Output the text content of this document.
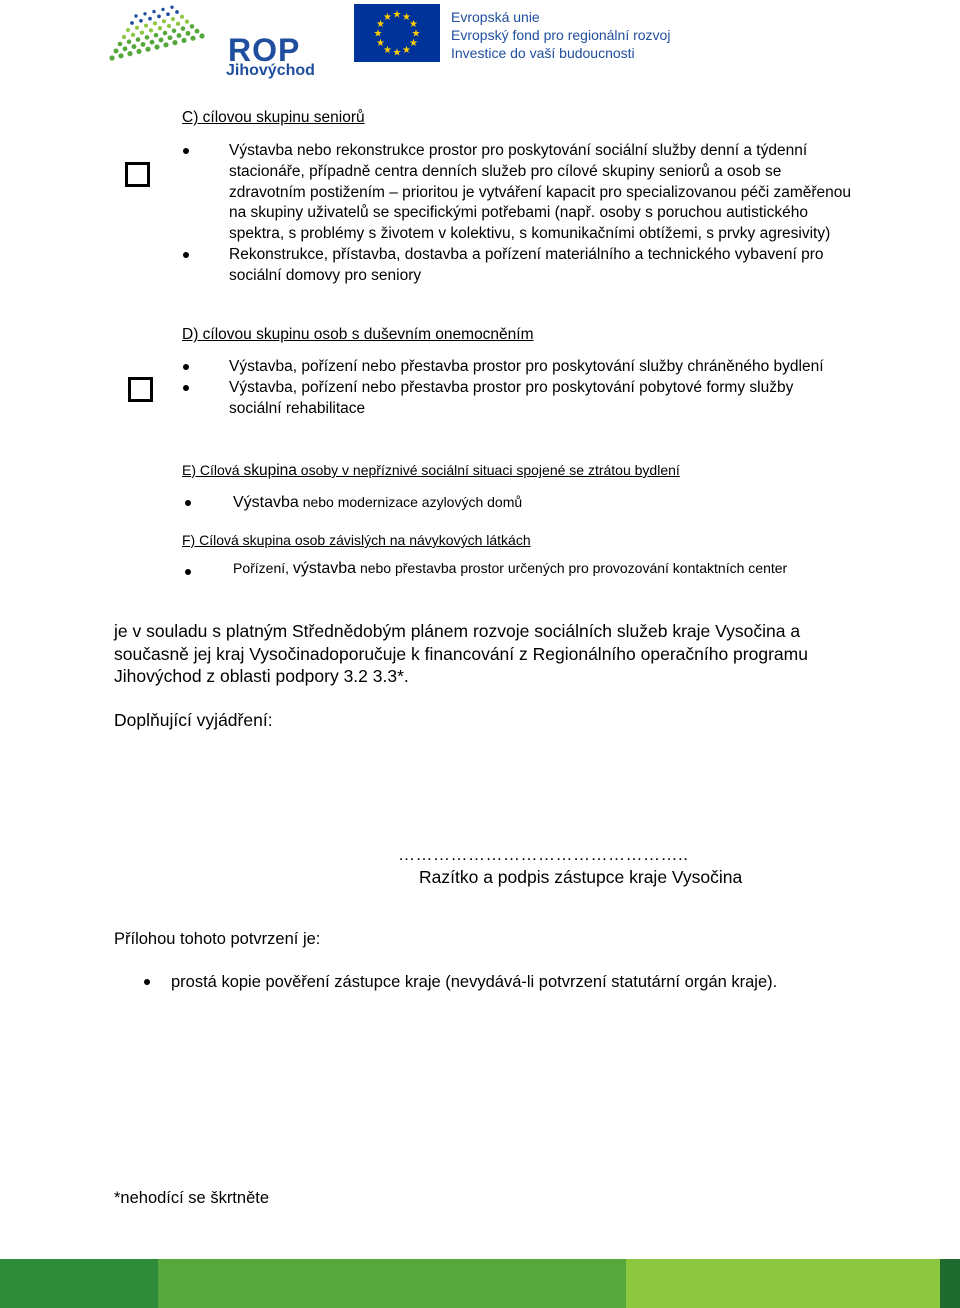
ROP
Jihovýchod
★
★
★
★
★
★
★
★
★ ★ ★
★ Evropská unie
Evropský fond pro regionální rozvoj
Investice do vaší budoucnosti
C) cílovou skupinu seniorů
Výstavba nebo rekonstrukce prostor pro poskytování sociální služby denní a týdenní stacionáře, případně centra denních služeb pro cílové skupiny seniorů a osob se zdravotním postižením – prioritou je vytváření kapacit pro specializovanou péči zaměřenou na skupiny uživatelů se specifickými potřebami (např. osoby s poruchou autistického spektra, s problémy s životem v kolektivu, s komunikačními obtížemi, s prvky agresivity)
Rekonstrukce, přístavba, dostavba a pořízení materiálního a technického vybavení pro sociální domovy pro seniory
D) cílovou skupinu osob s duševním onemocněním
Výstavba, pořízení nebo přestavba prostor pro poskytování služby chráněného bydlení
Výstavba, pořízení nebo přestavba prostor pro poskytování pobytové formy služby sociální rehabilitace
E) Cílová skupina osoby v nepříznivé sociální situaci spojené se ztrátou bydlení
Výstavba nebo modernizace azylových domů
F) Cílová skupina osob závislých na návykových látkách
Pořízení, výstavba nebo přestavba prostor určených pro provozování kontaktních center
je v souladu s platným Střednědobým plánem rozvoje sociálních služeb kraje Vysočina a současně jej kraj Vysočinadoporučuje k financování z Regionálního operačního programu Jihovýchod z oblasti podpory 3.2 3.3*.
Doplňující vyjádření:
…………………………………………..
Razítko a podpis zástupce kraje Vysočina
Přílohou tohoto potvrzení je:
prostá kopie pověření zástupce kraje (nevydává-li potvrzení statutární orgán kraje).
*nehodící se škrtněte
